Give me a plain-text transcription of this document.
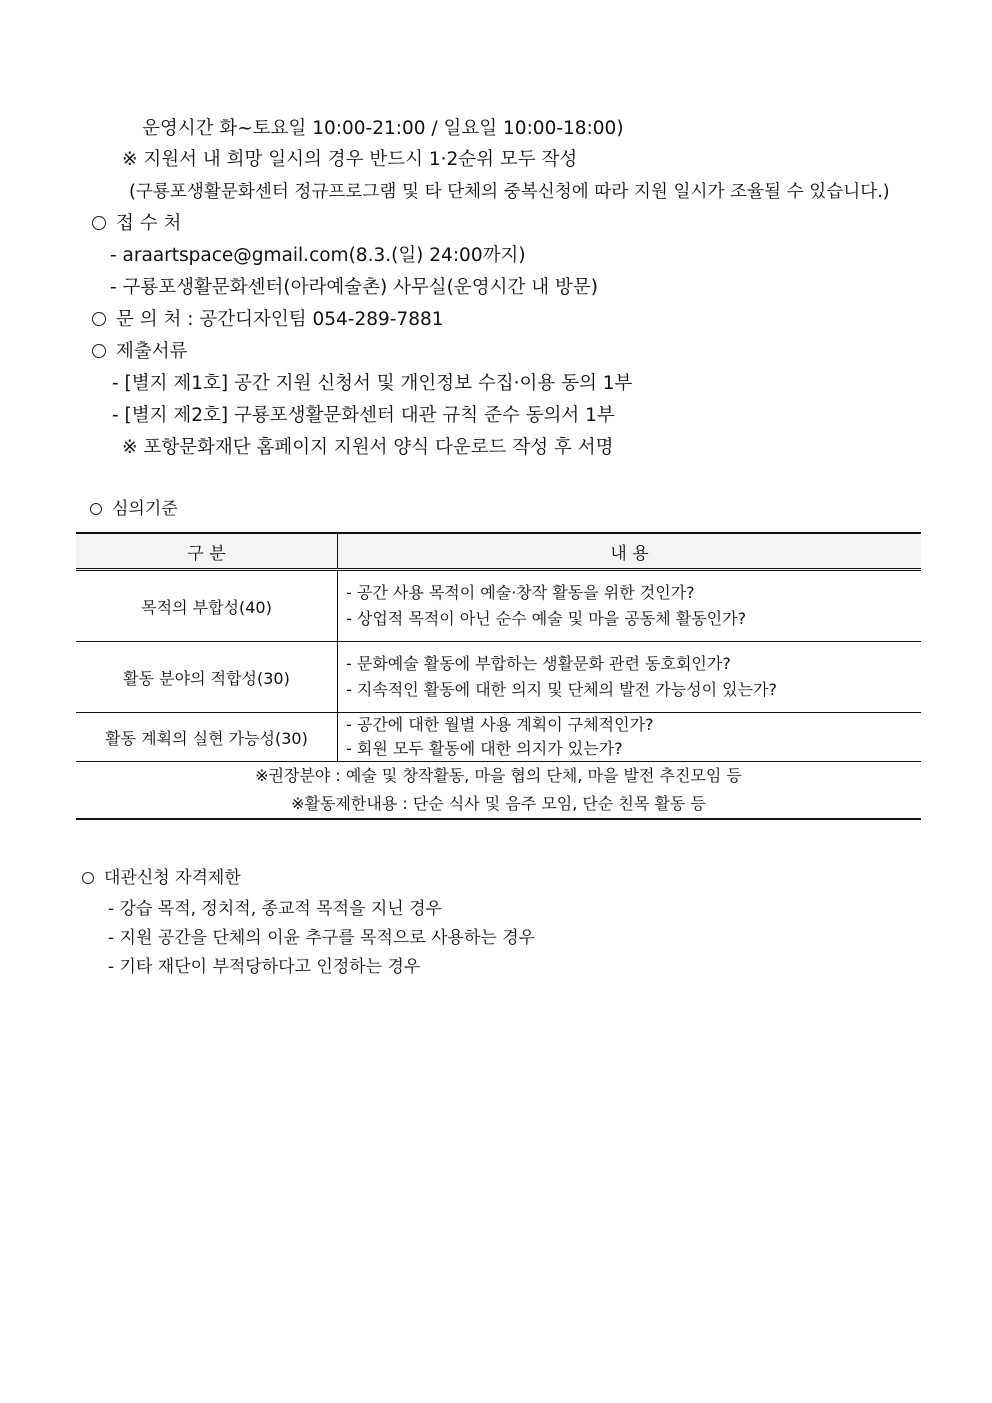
운영시간 화~토요일 10:00-21:00 / 일요일 10:00-18:00)
※ 지원서 내 희망 일시의 경우 반드시 1·2순위 모두 작성
(구룡포생활문화센터 정규프로그램 및 타 단체의 중복신청에 따라 지원 일시가 조율될 수 있습니다.)
접 수 처
- araartspace@gmail.com(8.3.(일) 24:00까지)
- 구룡포생활문화센터(아라예술촌) 사무실(운영시간 내 방문)
문 의 처 : 공간디자인팀 054-289-7881
제출서류
- [별지 제1호] 공간 지원 신청서 및 개인정보 수집·이용 동의 1부
- [별지 제2호] 구룡포생활문화센터 대관 규칙 준수 동의서 1부
※ 포항문화재단 홈페이지 지원서 양식 다운로드 작성 후 서명
심의기준
구 분	내 용
목적의 부합성(40)	- 공간 사용 목적이 예술·창작 활동을 위한 것인가?
- 상업적 목적이 아닌 순수 예술 및 마을 공동체 활동인가?

활동 분야의 적합성(30)	- 문화예술 활동에 부합하는 생활문화 관련 동호회인가?
- 지속적인 활동에 대한 의지 및 단체의 발전 가능성이 있는가?

활동 계획의 실현 가능성(30)	- 공간에 대한 월별 사용 계획이 구체적인가?
- 회원 모두 활동에 대한 의지가 있는가?

※권장분야 : 예술 및 창작활동, 마을 협의 단체, 마을 발전 추진모임 등
※활동제한내용 : 단순 식사 및 음주 모임, 단순 친목 활동 등	
대관신청 자격제한
- 강습 목적, 정치적, 종교적 목적을 지닌 경우
- 지원 공간을 단체의 이윤 추구를 목적으로 사용하는 경우
- 기타 재단이 부적당하다고 인정하는 경우
